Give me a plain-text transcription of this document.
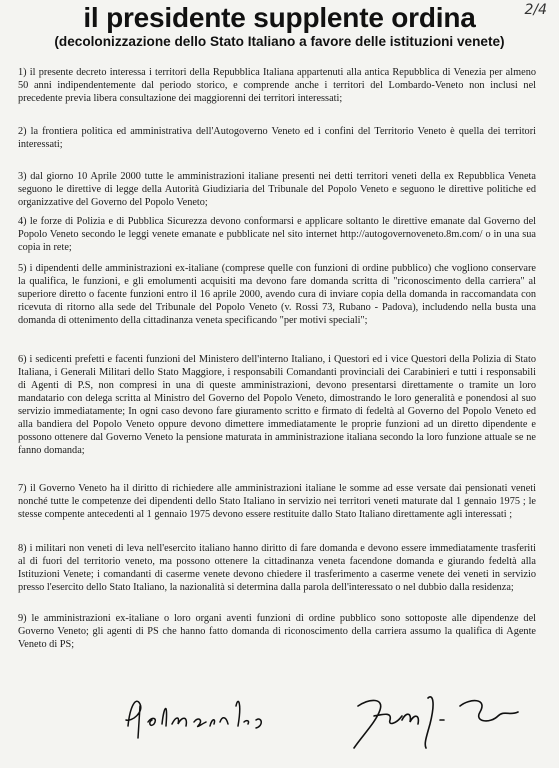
2/4
il presidente supplente ordina
(decolonizzazione dello Stato Italiano a favore delle istituzioni venete)
1) il presente decreto interessa i territori della Repubblica Italiana appartenuti alla antica Repubblica di Venezia per almeno 50 anni indipendentemente dal periodo storico, e comprende anche i territori del Lombardo-Veneto non inclusi nel precedente previa libera consultazione dei maggiorenni dei territori interessati;
2) la frontiera politica ed amministrativa dell'Autogoverno Veneto ed i confini del Territorio Veneto è quella dei territori interessati;
3) dal giorno 10 Aprile 2000 tutte le amministrazioni italiane presenti nei detti territori veneti della ex Repubblica Veneta seguono le direttive di legge della Autorità Giudiziaria del Tribunale del Popolo Veneto e seguono le direttive politiche ed organizzative del Governo del Popolo Veneto;
4) le forze di Polizia e di Pubblica Sicurezza devono conformarsi e applicare soltanto le direttive emanate dal Governo del Popolo Veneto secondo le leggi venete emanate e pubblicate nel sito internet http://autogovernoveneto.8m.com/ o in una sua copia in rete;
5) i dipendenti delle amministrazioni ex-italiane (comprese quelle con funzioni di ordine pubblico) che vogliono conservare la qualifica, le funzioni, e gli emolumenti acquisiti ma devono fare domanda scritta di "riconoscimento della carriera" al superiore diretto o facente funzioni entro il 16 aprile 2000, avendo cura di inviare copia della domanda in raccomandata con ricevuta di ritorno alla sede del Tribunale del Popolo Veneto (v. Rossi 73, Rubano - Padova), includendo nella busta una domanda di ottenimento della cittadinanza veneta specificando "per motivi speciali";
6) i sedicenti prefetti e facenti funzioni del Ministero dell'interno Italiano, i Questori ed i vice Questori della Polizia di Stato Italiana, i Generali Militari dello Stato Maggiore, i responsabili Comandanti provinciali dei Carabinieri e tutti i responsabili di Agenti di P.S, non compresi in una di queste amministrazioni, devono presentarsi direttamente o tramite un loro mandatario con delega scritta al Ministro del Governo del Popolo Veneto, dimostrando le loro generalità e ponendosi al suo servizio immediatamente; In ogni caso devono fare giuramento scritto e firmato di fedeltà al Governo del Popolo Veneto ed alla bandiera del Popolo Veneto oppure devono dimettere immediatamente le proprie funzioni ad un diretto dipendente e possono ottenere dal Governo Veneto la pensione maturata in amministrazione italiana secondo la loro funzione attuale se ne fanno domanda;
7) il Governo Veneto ha il diritto di richiedere alle amministrazioni italiane le somme ad esse versate dai pensionati veneti nonché tutte le competenze dei dipendenti dello Stato Italiano in servizio nei territori veneti maturate dal 1 gennaio 1975 ; le stesse compente antecedenti al 1 gennaio 1975 devono essere restituite dallo Stato Italiano direttamente agli interessati ;
8) i militari non veneti di leva nell'esercito italiano hanno diritto di fare domanda e devono essere immediatamente trasferiti al di fuori del territorio veneto, ma possono ottenere la cittadinanza veneta facendone domanda e giurando fedeltà alla Istituzioni Venete; i comandanti di caserme venete devono chiedere il trasferimento a caserme venete dei veneti in servizio presso l'esercito dello Stato Italiano, la nazionalità si determina dalla parola dell'interessato o nel dubbio dalla residenza;
9) le amministrazioni ex-italiane o loro organi aventi funzioni di ordine pubblico sono sottoposte alle dipendenze del Governo Veneto; gli agenti di PS che hanno fatto domanda di riconoscimento della carriera assumo la qualifica di Agente Veneto di PS;
